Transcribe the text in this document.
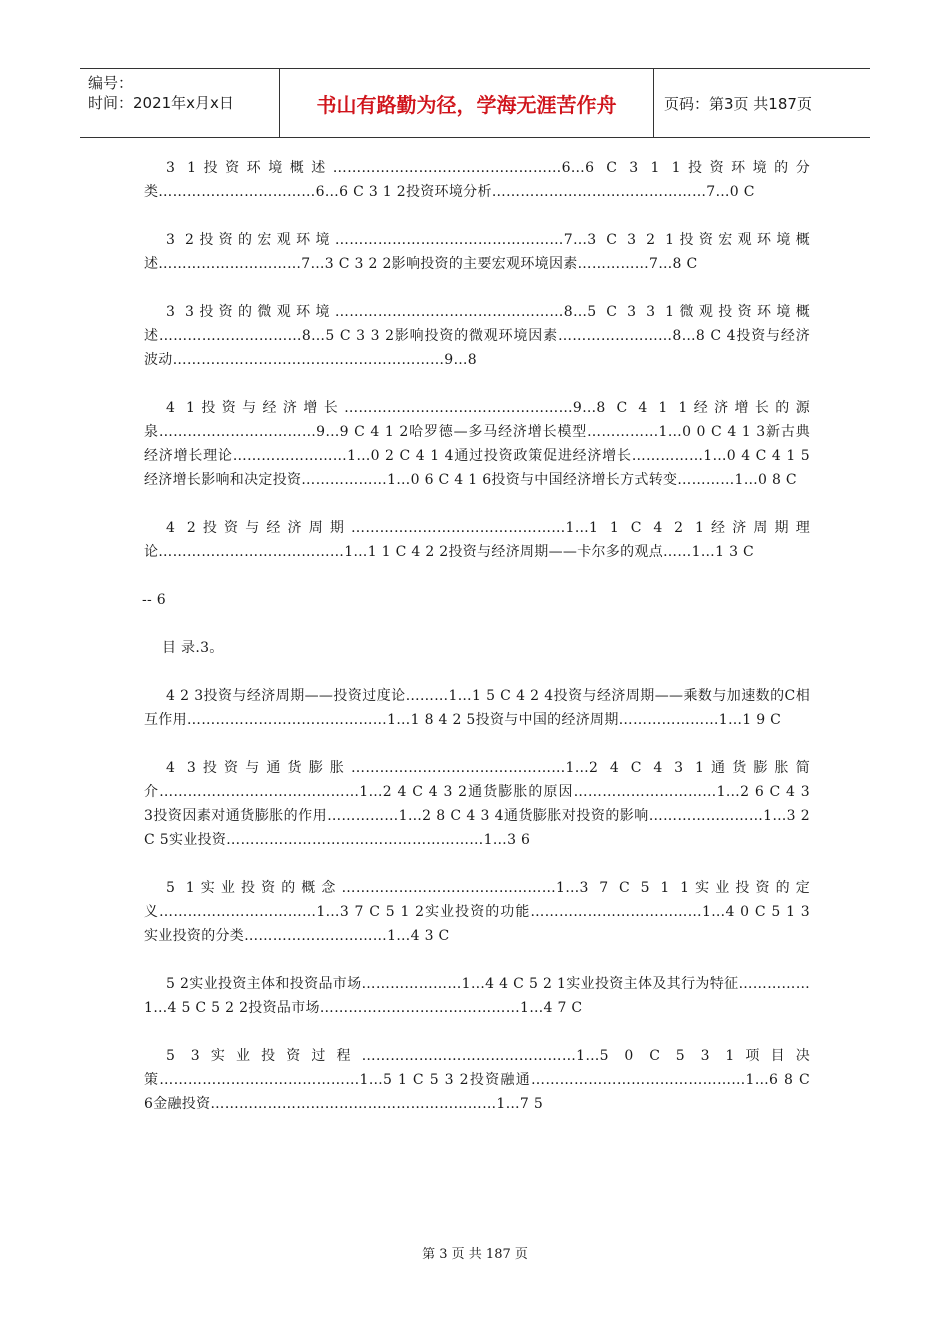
编号：
时间：2021年x月x日	书山有路勤为径，学海无涯苦作舟	页码：第3页 共187页

3 1投资环境概述…………………………………………6…6 C 3 1 1投资环境的分类……………………………6…6 C 3 1 2投资环境分析………………………………………7…0 C

3 2投资的宏观环境…………………………………………7…3 C 3 2 1投资宏观环境概述…………………………7…3 C 3 2 2影响投资的主要宏观环境因素……………7…8 C

3 3投资的微观环境…………………………………………8…5 C 3 3 1微观投资环境概述…………………………8…5 C 3 3 2影响投资的微观环境因素……………………8…8 C 4投资与经济波动…………………………………………………9…8

4 1投资与经济增长…………………………………………9…8 C 4 1 1经济增长的源泉……………………………9…9 C 4 1 2哈罗德—多马经济增长模型……………1…0 0 C 4 1 3新古典经济增长理论……………………1…0 2 C 4 1 4通过投资政策促进经济增长……………1…0 4 C 4 1 5经济增长影响和决定投资………………1…0 6 C 4 1 6投资与中国经济增长方式转变…………1…0 8 C

4 2投资与经济周期………………………………………1…1 1 C 4 2 1经济周期理论…………………………………1…1 1 C 4 2 2投资与经济周期——卡尔多的观点……1…1 3 C

-- 6

目 录.3。

4 2 3投资与经济周期——投资过度论………1…1 5 C 4 2 4投资与经济周期——乘数与加速数的C相互作用……………………………………1…1 8 4 2 5投资与中国的经济周期…………………1…1 9 C

4 3投资与通货膨胀………………………………………1…2 4 C 4 3 1通货膨胀简介……………………………………1…2 4 C 4 3 2通货膨胀的原因…………………………1…2 6 C 4 3 3投资因素对通货膨胀的作用……………1…2 8 C 4 3 4通货膨胀对投资的影响……………………1…3 2 C 5实业投资………………………………………………1…3 6

5 1实业投资的概念………………………………………1…3 7 C 5 1 1实业投资的定义……………………………1…3 7 C 5 1 2实业投资的功能………………………………1…4 0 C 5 1 3实业投资的分类…………………………1…4 3 C

5 2实业投资主体和投资品市场…………………1…4 4 C 5 2 1实业投资主体及其行为特征……………1…4 5 C 5 2 2投资品市场……………………………………1…4 7 C

5 3实业投资过程………………………………………1…5 0 C 5 3 1项目决策……………………………………1…5 1 C 5 3 2投资融通………………………………………1…6 8 C 6金融投资……………………………………………………1…7 5

第 3 页 共 187 页
